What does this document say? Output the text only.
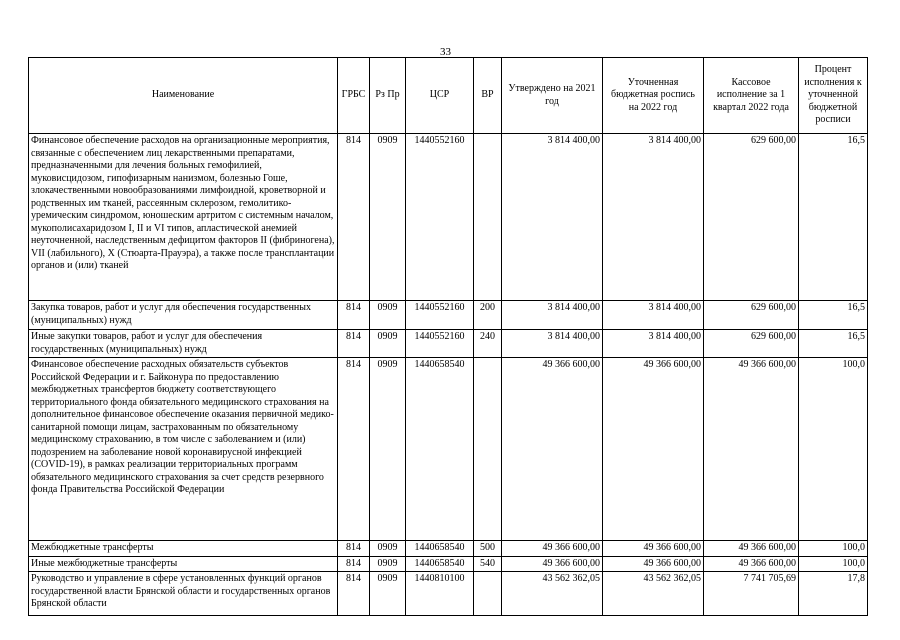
33
Наименование	ГРБС	Рз Пр	ЦСР	ВР	Утверждено на 2021 год	Уточненная бюджетная роспись на 2022 год	Кассовое исполнение за 1 квартал 2022 года	Процент исполнения к уточненной бюджетной росписи
Финансовое обеспечение расходов на организационные мероприятия, связанные с обеспечением лиц лекарственными препаратами, предназначенными для лечения больных гемофилией, муковисцидозом, гипофизарным нанизмом, болезнью Гоше, злокачественными новообразованиями лимфоидной, кроветворной и родственных им тканей, рассеянным склерозом, гемолитико-уремическим синдромом, юношеским артритом с системным началом, мукополисахаридозом I, II и VI типов, апластической анемией неуточненной, наследственным дефицитом факторов II (фибриногена), VII (лабильного), X (Стюарта-Прауэра), а также после трансплантации органов и (или) тканей	814	0909	1440552160		3 814 400,00	3 814 400,00	629 600,00	16,5
Закупка товаров, работ и услуг для обеспечения государственных (муниципальных) нужд	814	0909	1440552160	200	3 814 400,00	3 814 400,00	629 600,00	16,5
Иные закупки товаров, работ и услуг для обеспечения государственных (муниципальных) нужд	814	0909	1440552160	240	3 814 400,00	3 814 400,00	629 600,00	16,5
Финансовое обеспечение расходных обязательств субъектов Российской Федерации и г. Байконура по предоставлению межбюджетных трансфертов бюджету соответствующего территориального фонда обязательного медицинского страхования на дополнительное финансовое обеспечение оказания первичной медико-санитарной помощи лицам, застрахованным по обязательному медицинскому страхованию, в том числе с заболеванием и (или) подозрением на заболевание новой коронавирусной инфекцией (COVID-19), в рамках реализации территориальных программ обязательного медицинского страхования за счет средств резервного фонда Правительства Российской Федерации	814	0909	1440658540		49 366 600,00	49 366 600,00	49 366 600,00	100,0
Межбюджетные трансферты	814	0909	1440658540	500	49 366 600,00	49 366 600,00	49 366 600,00	100,0
Иные межбюджетные трансферты	814	0909	1440658540	540	49 366 600,00	49 366 600,00	49 366 600,00	100,0
Руководство и управление в сфере установленных функций органов государственной власти Брянской области и государственных органов Брянской области	814	0909	1440810100		43 562 362,05	43 562 362,05	7 741 705,69	17,8
